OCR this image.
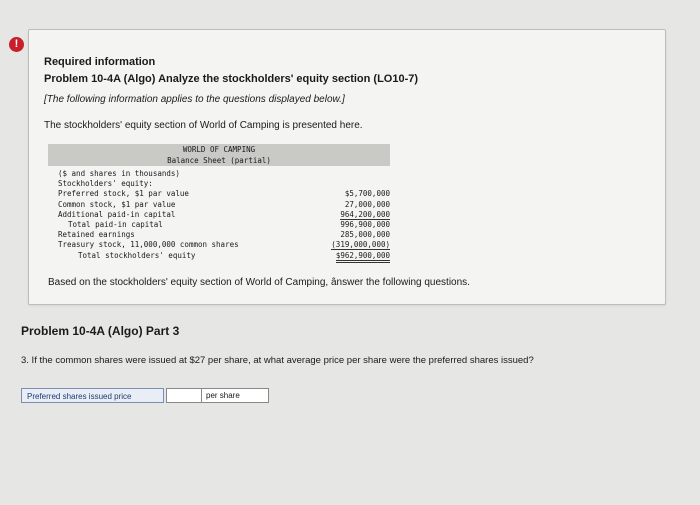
!
Required information
Problem 10-4A (Algo) Analyze the stockholders' equity section (LO10-7)
[The following information applies to the questions displayed below.]
The stockholders' equity section of World of Camping is presented here.
WORLD OF CAMPING
Balance Sheet (partial)
($ and shares in thousands)
Stockholders' equity:
Preferred stock, $1 par value	$5,700,000
Common stock, $1 par value	27,000,000
Additional paid-in capital	964,200,000
Total paid-in capital	996,900,000
Retained earnings	285,000,000
Treasury stock, 11,000,000 common shares	(319,000,000)
Total stockholders' equity	$962,900,000
Based on the stockholders' equity section of World of Camping, ânswer the following questions.
Problem 10-4A (Algo) Part 3
3. If the common shares were issued at $27 per share, at what average price per share were the preferred shares issued?
Preferred shares issued price	per share
